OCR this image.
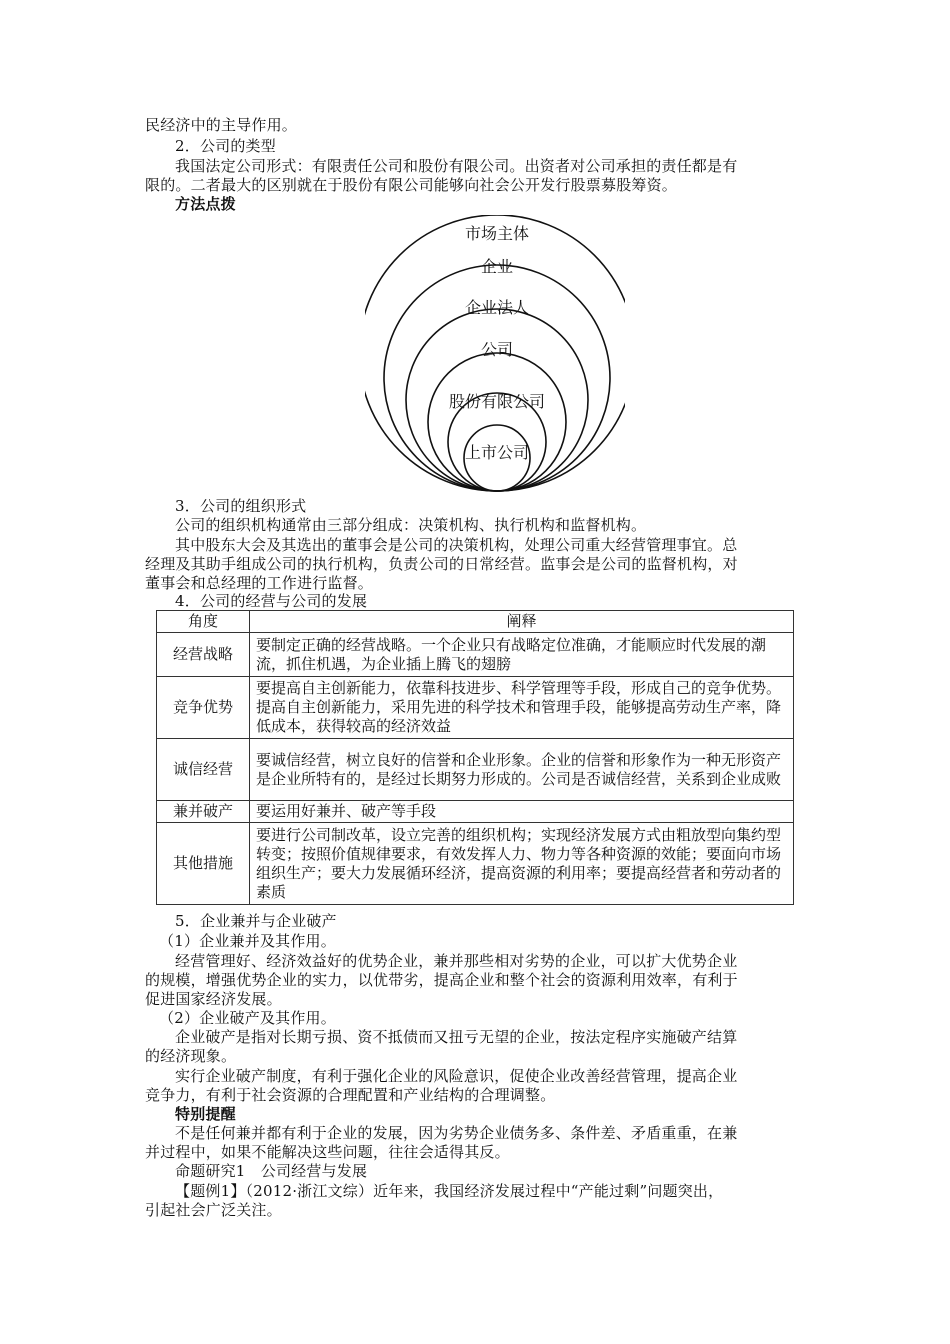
民经济中的主导作用。
2．公司的类型
我国法定公司形式：有限责任公司和股份有限公司。出资者对公司承担的责任都是有
限的。二者最大的区别就在于股份有限公司能够向社会公开发行股票募股筹资。
方法点拨
市场主体
企业
企业法人
公司
股份有限公司
上市公司
3．公司的组织形式
公司的组织机构通常由三部分组成：决策机构、执行机构和监督机构。
其中股东大会及其选出的董事会是公司的决策机构，处理公司重大经营管理事宜。总
经理及其助手组成公司的执行机构，负责公司的日常经营。监事会是公司的监督机构，对
董事会和总经理的工作进行监督。
4．公司的经营与公司的发展
角度	阐释
经营战略	要制定正确的经营战略。一个企业只有战略定位准确，才能顺应时代发展的潮流，抓住机遇，为企业插上腾飞的翅膀
竞争优势	要提高自主创新能力，依靠科技进步、科学管理等手段，形成自己的竞争优势。提高自主创新能力，采用先进的科学技术和管理手段，能够提高劳动生产率，降低成本，获得较高的经济效益
诚信经营	要诚信经营，树立良好的信誉和企业形象。企业的信誉和形象作为一种无形资产是企业所特有的，是经过长期努力形成的。公司是否诚信经营，关系到企业成败
兼并破产	要运用好兼并、破产等手段
其他措施	要进行公司制改革，设立完善的组织机构；实现经济发展方式由粗放型向集约型转变；按照价值规律要求，有效发挥人力、物力等各种资源的效能；要面向市场组织生产；要大力发展循环经济，提高资源的利用率；要提高经营者和劳动者的素质
5．企业兼并与企业破产
（1）企业兼并及其作用。
经营管理好、经济效益好的优势企业，兼并那些相对劣势的企业，可以扩大优势企业
的规模，增强优势企业的实力，以优带劣，提高企业和整个社会的资源利用效率，有利于
促进国家经济发展。
（2）企业破产及其作用。
企业破产是指对长期亏损、资不抵债而又扭亏无望的企业，按法定程序实施破产结算
的经济现象。
实行企业破产制度，有利于强化企业的风险意识，促使企业改善经营管理，提高企业
竞争力，有利于社会资源的合理配置和产业结构的合理调整。
特别提醒
不是任何兼并都有利于企业的发展，因为劣势企业债务多、条件差、矛盾重重，在兼
并过程中，如果不能解决这些问题，往往会适得其反。
命题研究1　公司经营与发展
【题例1】（2012·浙江文综）近年来，我国经济发展过程中“产能过剩”问题突出，
引起社会广泛关注。
